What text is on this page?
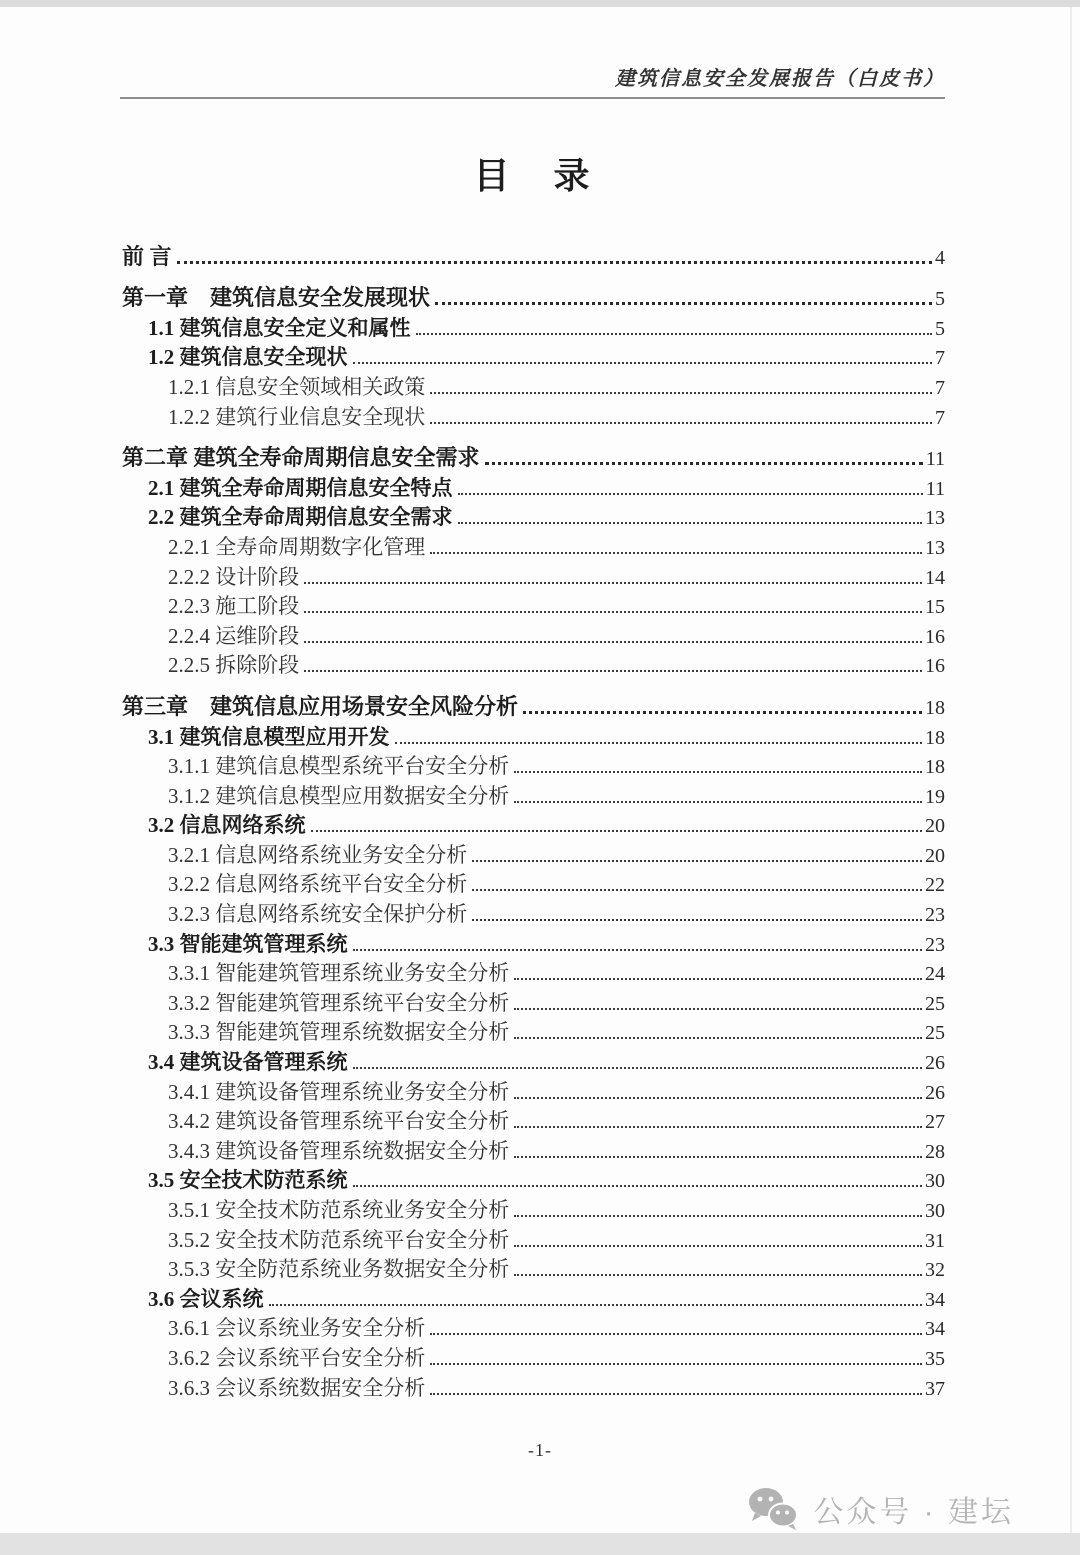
建筑信息安全发展报告（白皮书）
目　录
前 言	4
第一章　建筑信息安全发展现状	5
1.1 建筑信息安全定义和属性	5
1.2 建筑信息安全现状	7
1.2.1 信息安全领域相关政策	7
1.2.2 建筑行业信息安全现状	7
第二章 建筑全寿命周期信息安全需求	11
2.1 建筑全寿命周期信息安全特点	11
2.2 建筑全寿命周期信息安全需求	13
2.2.1 全寿命周期数字化管理	13
2.2.2 设计阶段	14
2.2.3 施工阶段	15
2.2.4 运维阶段	16
2.2.5 拆除阶段	16
第三章　建筑信息应用场景安全风险分析	18
3.1 建筑信息模型应用开发	18
3.1.1 建筑信息模型系统平台安全分析	18
3.1.2 建筑信息模型应用数据安全分析	19
3.2 信息网络系统	20
3.2.1 信息网络系统业务安全分析	20
3.2.2 信息网络系统平台安全分析	22
3.2.3 信息网络系统安全保护分析	23
3.3 智能建筑管理系统	23
3.3.1 智能建筑管理系统业务安全分析	24
3.3.2 智能建筑管理系统平台安全分析	25
3.3.3 智能建筑管理系统数据安全分析	25
3.4 建筑设备管理系统	26
3.4.1 建筑设备管理系统业务安全分析	26
3.4.2 建筑设备管理系统平台安全分析	27
3.4.3 建筑设备管理系统数据安全分析	28
3.5 安全技术防范系统	30
3.5.1 安全技术防范系统业务安全分析	30
3.5.2 安全技术防范系统平台安全分析	31
3.5.3 安全防范系统业务数据安全分析	32
3.6 会议系统	34
3.6.1 会议系统业务安全分析	34
3.6.2 会议系统平台安全分析	35
3.6.3 会议系统数据安全分析	37
-1-
公众号 · 建坛
